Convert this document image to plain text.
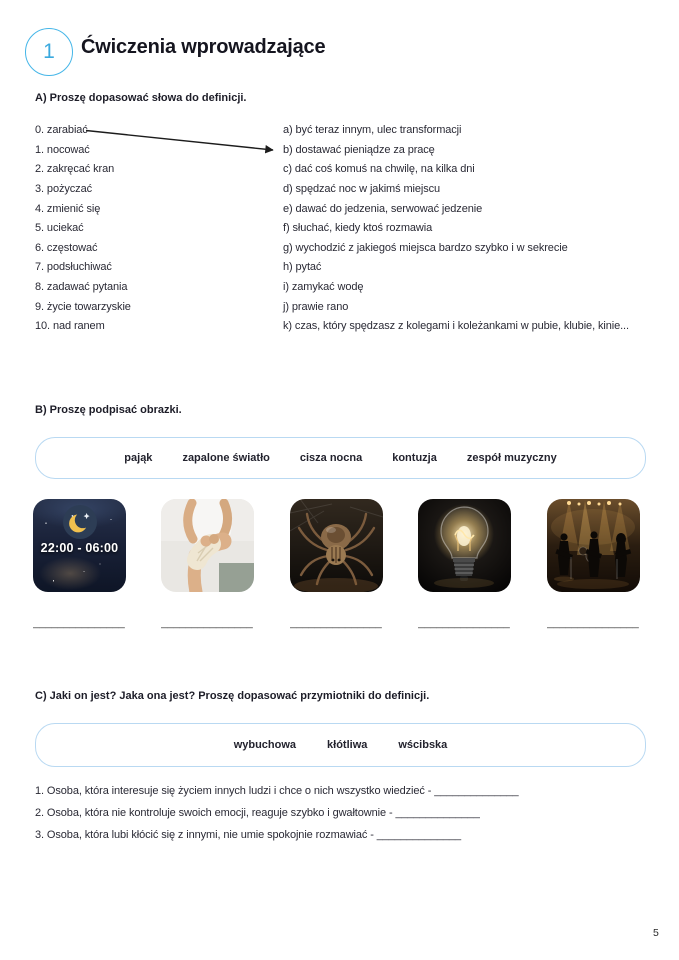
1 Ćwiczenia wprowadzające
A) Proszę dopasować słowa do definicji.
0. zarabiać
1. nocować
2. zakręcać kran
3. pożyczać
4. zmienić się
5. uciekać
6. częstować
7. podsłuchiwać
8. zadawać pytania
9. życie towarzyskie
10. nad ranem
a) być teraz innym, ulec transformacji
b) dostawać pieniądze za pracę
c) dać coś komuś na chwilę, na kilka dni
d) spędzać noc w jakimś miejscu
e) dawać do jedzenia, serwować jedzenie
f) słuchać, kiedy ktoś rozmawia
g) wychodzić z jakiegoś miejsca bardzo szybko i w sekrecie
h) pytać
i) zamykać wodę
j) prawie rano
k) czas, który spędzasz z kolegami i koleżankami w pubie, klubie, kinie...
B) Proszę podpisać obrazki.
pająk	zapalone światło	cisza nocna	kontuzja	zespół muzyczny
22:00 - 06:00
_______________	_______________	_______________	_______________	_______________
C) Jaki on jest? Jaka ona jest? Proszę dopasować przymiotniki do definicji.
wybuchowa	kłótliwa	wścibska
1. Osoba, która interesuje się życiem innych ludzi i chce o nich wszystko wiedzieć - ______________
2. Osoba, która nie kontroluje swoich emocji, reaguje szybko i gwałtownie - ______________
3. Osoba, która lubi kłócić się z innymi, nie umie spokojnie rozmawiać - ______________
5
